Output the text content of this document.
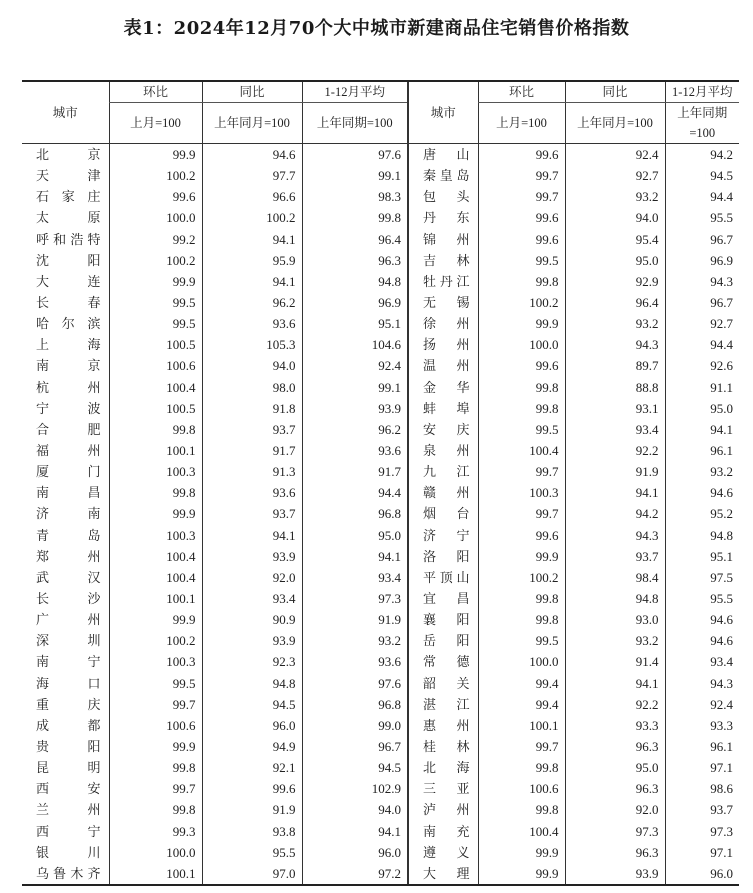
表1：2024年12月70个大中城市新建商品住宅销售价格指数
城市	环比	同比	1-12月平均	城市	环比	同比	1-12月平均
	上月=100	上年同月=100	上年同期=100		上月=100	上年同月=100	上年同期=100

北 京	99.9	94.6	97.6	唐 山	99.6	92.4	94.2

天 津	100.2	97.7	99.1	秦 皇 岛	99.7	92.7	94.5

石 家 庄	99.6	96.6	98.3	包 头	99.7	93.2	94.4

太 原	100.0	100.2	99.8	丹 东	99.6	94.0	95.5

呼 和 浩 特	99.2	94.1	96.4	锦 州	99.6	95.4	96.7

沈 阳	100.2	95.9	96.3	吉 林	99.5	95.0	96.9

大 连	99.9	94.1	94.8	牡 丹 江	99.8	92.9	94.3

长 春	99.5	96.2	96.9	无 锡	100.2	96.4	96.7

哈 尔 滨	99.5	93.6	95.1	徐 州	99.9	93.2	92.7

上 海	100.5	105.3	104.6	扬 州	100.0	94.3	94.4

南 京	100.6	94.0	92.4	温 州	99.6	89.7	92.6

杭 州	100.4	98.0	99.1	金 华	99.8	88.8	91.1

宁 波	100.5	91.8	93.9	蚌 埠	99.8	93.1	95.0

合 肥	99.8	93.7	96.2	安 庆	99.5	93.4	94.1

福 州	100.1	91.7	93.6	泉 州	100.4	92.2	96.1

厦 门	100.3	91.3	91.7	九 江	99.7	91.9	93.2

南 昌	99.8	93.6	94.4	赣 州	100.3	94.1	94.6

济 南	99.9	93.7	96.8	烟 台	99.7	94.2	95.2

青 岛	100.3	94.1	95.0	济 宁	99.6	94.3	94.8

郑 州	100.4	93.9	94.1	洛 阳	99.9	93.7	95.1

武 汉	100.4	92.0	93.4	平 顶 山	100.2	98.4	97.5

长 沙	100.1	93.4	97.3	宜 昌	99.8	94.8	95.5

广 州	99.9	90.9	91.9	襄 阳	99.8	93.0	94.6

深 圳	100.2	93.9	93.2	岳 阳	99.5	93.2	94.6

南 宁	100.3	92.3	93.6	常 德	100.0	91.4	93.4

海 口	99.5	94.8	97.6	韶 关	99.4	94.1	94.3

重 庆	99.7	94.5	96.8	湛 江	99.4	92.2	92.4

成 都	100.6	96.0	99.0	惠 州	100.1	93.3	93.3

贵 阳	99.9	94.9	96.7	桂 林	99.7	96.3	96.1

昆 明	99.8	92.1	94.5	北 海	99.8	95.0	97.1

西 安	99.7	99.6	102.9	三 亚	100.6	96.3	98.6

兰 州	99.8	91.9	94.0	泸 州	99.8	92.0	93.7

西 宁	99.3	93.8	94.1	南 充	100.4	97.3	97.3

银 川	100.0	95.5	96.0	遵 义	99.9	96.3	97.1

乌 鲁 木 齐	100.1	97.0	97.2	大 理	99.9	93.9	96.0
